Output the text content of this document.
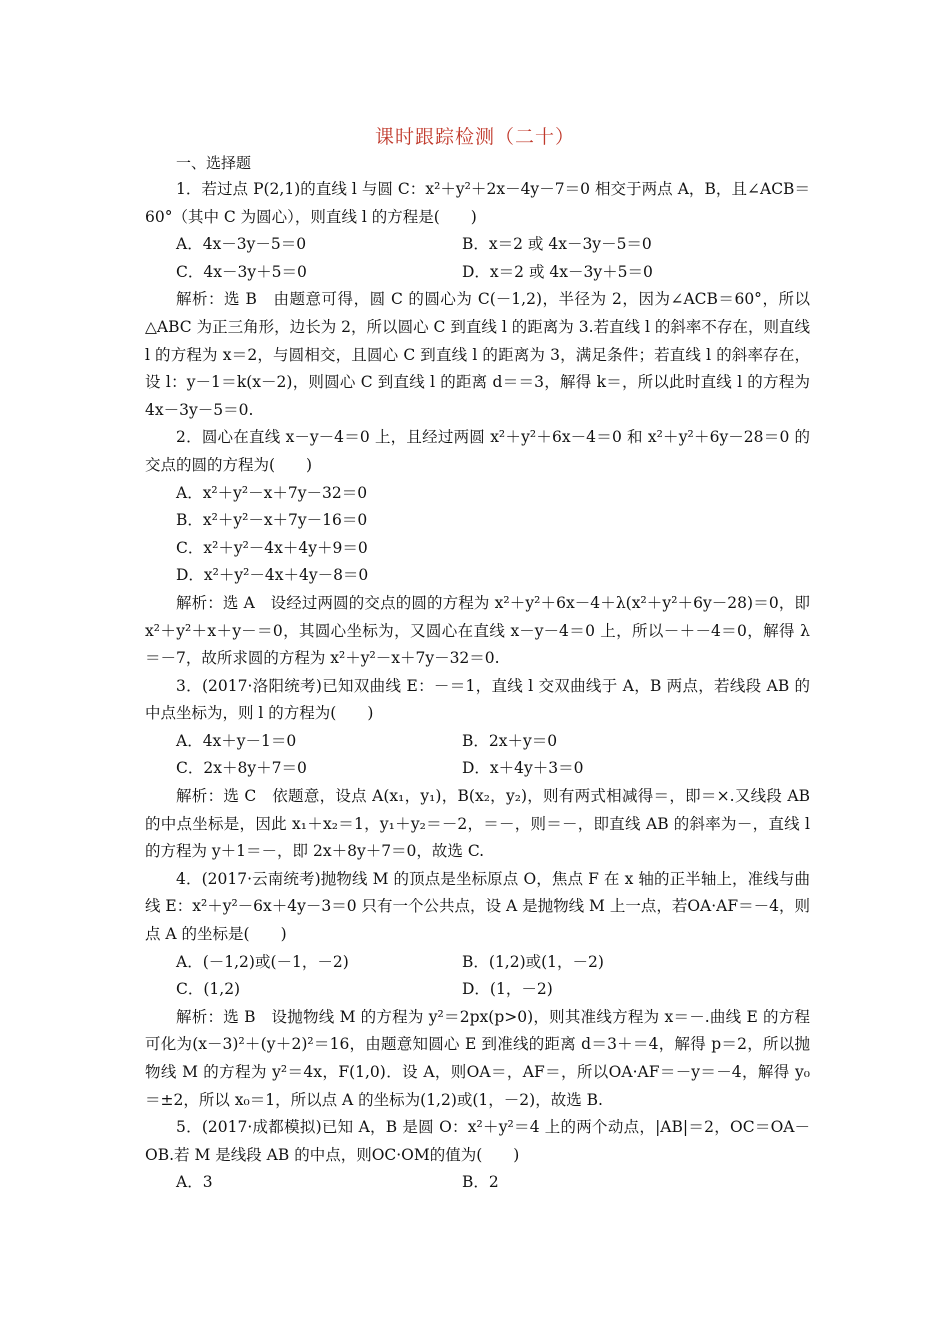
课时跟踪检测（二十）
一、选择题

1．若过点 P(2,1)的直线 l 与圆 C：x²＋y²＋2x－4y－7＝0 相交于两点 A，B，且∠ACB＝60°（其中 C 为圆心），则直线 l 的方程是(　　)

A．4x－3y－5＝0	B．x＝2 或 4x－3y－5＝0
C．4x－3y＋5＝0	D．x＝2 或 4x－3y＋5＝0

解析：选 B　由题意可得，圆 C 的圆心为 C(－1,2)，半径为 2，因为∠ACB＝60°，所以△ABC 为正三角形，边长为 2，所以圆心 C 到直线 l 的距离为 3.若直线 l 的斜率不存在，则直线 l 的方程为 x＝2，与圆相交，且圆心 C 到直线 l 的距离为 3，满足条件；若直线 l 的斜率存在，设 l：y－1＝k(x－2)，则圆心 C 到直线 l 的距离 d＝＝3，解得 k＝，所以此时直线 l 的方程为 4x－3y－5＝0.

2．圆心在直线 x－y－4＝0 上，且经过两圆 x²＋y²＋6x－4＝0 和 x²＋y²＋6y－28＝0 的交点的圆的方程为(　　)

A．x²＋y²－x＋7y－32＝0
B．x²＋y²－x＋7y－16＝0
C．x²＋y²－4x＋4y＋9＝0
D．x²＋y²－4x＋4y－8＝0

解析：选 A　设经过两圆的交点的圆的方程为 x²＋y²＋6x－4＋λ(x²＋y²＋6y－28)＝0，即 x²＋y²＋x＋y－＝0，其圆心坐标为，又圆心在直线 x－y－4＝0 上，所以－＋－4＝0，解得 λ＝－7，故所求圆的方程为 x²＋y²－x＋7y－32＝0.

3．(2017·洛阳统考)已知双曲线 E：－＝1，直线 l 交双曲线于 A，B 两点，若线段 AB 的中点坐标为，则 l 的方程为(　　)

A．4x＋y－1＝0	B．2x＋y＝0
C．2x＋8y＋7＝0	D．x＋4y＋3＝0

解析：选 C　依题意，设点 A(x₁，y₁)，B(x₂，y₂)，则有两式相减得＝，即＝×.又线段 AB 的中点坐标是，因此 x₁＋x₂＝1，y₁＋y₂＝－2，＝－，则＝－，即直线 AB 的斜率为－，直线 l 的方程为 y＋1＝－，即 2x＋8y＋7＝0，故选 C.

4．(2017·云南统考)抛物线 M 的顶点是坐标原点 O，焦点 F 在 x 轴的正半轴上，准线与曲线 E：x²＋y²－6x＋4y－3＝0 只有一个公共点，设 A 是抛物线 M 上一点，若OA·AF＝－4，则点 A 的坐标是(　　)

A．(－1,2)或(－1，－2)	B．(1,2)或(1，－2)
C．(1,2)	D．(1，－2)

解析：选 B　设抛物线 M 的方程为 y²＝2px(p>0)，则其准线方程为 x＝－.曲线 E 的方程可化为(x－3)²＋(y＋2)²＝16，由题意知圆心 E 到准线的距离 d＝3＋＝4，解得 p＝2，所以抛物线 M 的方程为 y²＝4x，F(1,0)．设 A，则OA＝，AF＝，所以OA·AF＝－y＝－4，解得 y₀＝±2，所以 x₀＝1，所以点 A 的坐标为(1,2)或(1，－2)，故选 B.

5．(2017·成都模拟)已知 A，B 是圆 O：x²＋y²＝4 上的两个动点，|AB|＝2，OC＝OA－OB.若 M 是线段 AB 的中点，则OC·OM的值为(　　)

A．3	B．2
